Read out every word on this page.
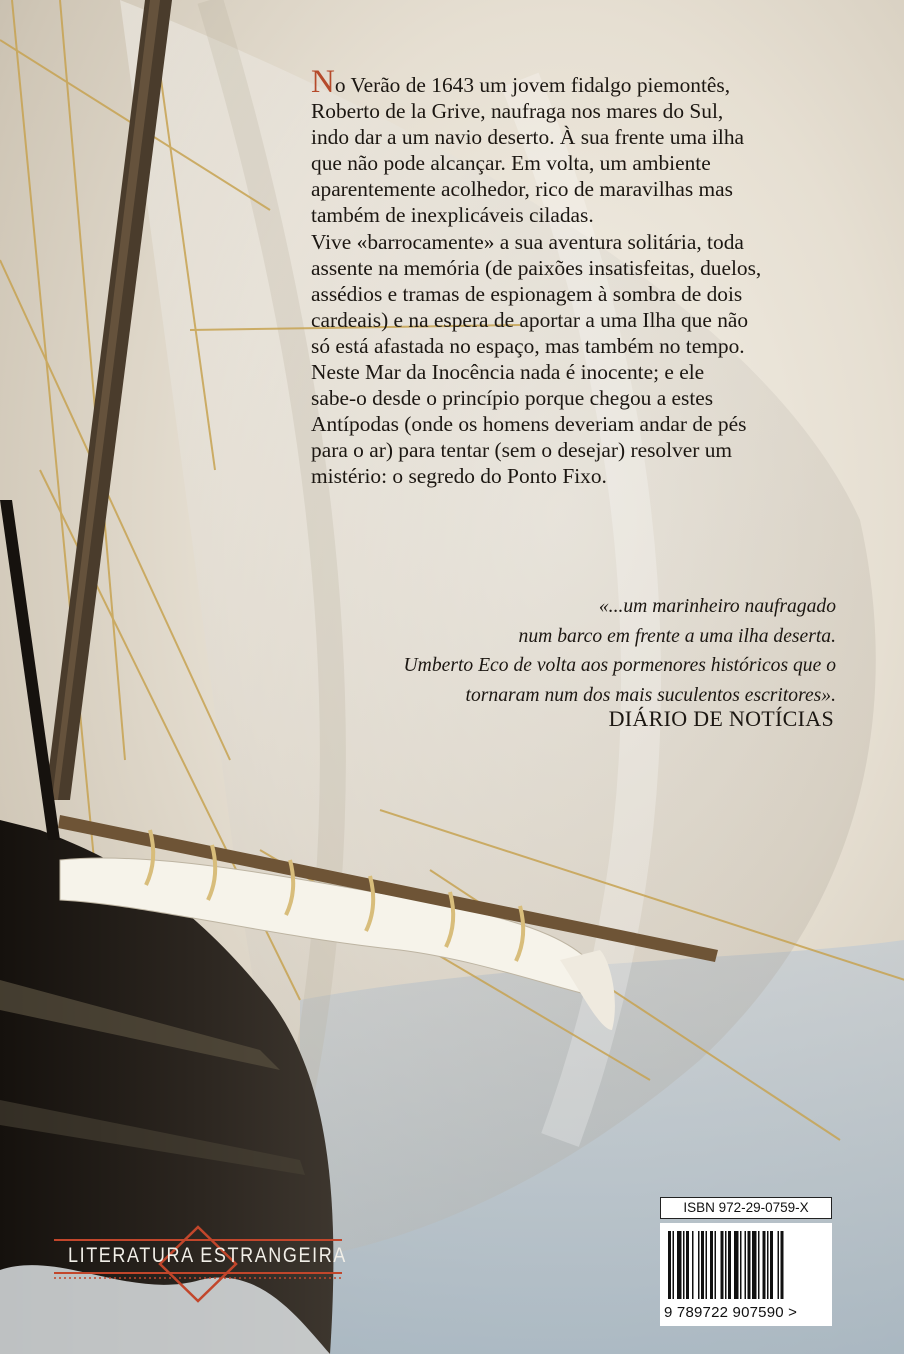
No Verão de 1643 um jovem fidalgo piemontês,

Roberto de la Grive, naufraga nos mares do Sul,

indo dar a um navio deserto. À sua frente uma ilha

que não pode alcançar. Em volta, um ambiente

aparentemente acolhedor, rico de maravilhas mas

também de inexplicáveis ciladas.

Vive «barrocamente» a sua aventura solitária, toda

assente na memória (de paixões insatisfeitas, duelos,

assédios e tramas de espionagem à sombra de dois

cardeais) e na espera de aportar a uma Ilha que não

só está afastada no espaço, mas também no tempo.

Neste Mar da Inocência nada é inocente; e ele

sabe-o desde o princípio porque chegou a estes

Antípodas (onde os homens deveriam andar de pés

para o ar) para tentar (sem o desejar) resolver um

mistério: o segredo do Ponto Fixo.

«...um marinheiro naufragado

num barco em frente a uma ilha deserta.

Umberto Eco de volta aos pormenores históricos que o

tornaram num dos mais suculentos escritores».

DIÁRIO DE NOTÍCIAS
LITERATURA ESTRANGEIRA
ISBN 972-29-0759-X
9 789722 907590 >
